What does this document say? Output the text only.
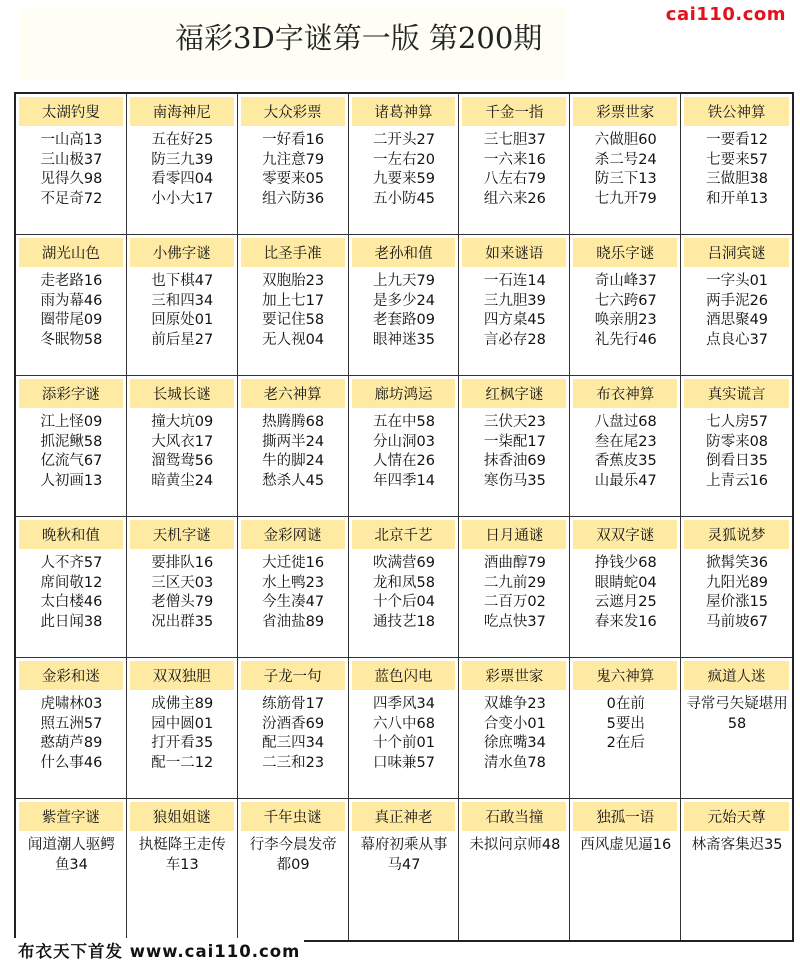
福彩3D字谜第一版 第200期
cai110.com
太湖钓叟
一山高13
三山极37
见得久98
不足奇72
南海神尼
五在好25
防三九39
看零四04
小小大17
大众彩票
一好看16
九注意79
零要来05
组六防36
诸葛神算
二开头27
一左右20
九要来59
五小防45
千金一指
三七胆37
一六来16
八左右79
组六来26
彩票世家
六做胆60
杀二号24
防三下13
七九开79
铁公神算
一要看12
七要来57
三做胆38
和开单13
湖光山色
走老路16
雨为幕46
圈带尾09
冬眠物58
小佛字谜
也下棋47
三和四34
回原处01
前后星27
比圣手准
双胞胎23
加上七17
要记住58
无人视04
老孙和值
上九天79
是多少24
老套路09
眼神迷35
如来谜语
一石连14
三九胆39
四方桌45
言必存28
晓乐字谜
奇山峰37
七六跨67
唤亲朋23
礼先行46
吕洞宾谜
一字头01
两手泥26
酒思聚49
点良心37
添彩字谜
江上怪09
抓泥鳅58
亿流气67
人初画13
长城长谜
撞大坑09
大风衣17
溜鸳鸯56
暗黄尘24
老六神算
热腾腾68
撕两半24
牛的脚24
愁杀人45
廊坊鸿运
五在中58
分山洞03
人情在26
年四季14
红枫字谜
三伏天23
一柒配17
抹香油69
寒伤马35
布衣神算
八盘过68
叁在尾23
香蕉皮35
山最乐47
真实谎言
七人房57
防零来08
倒看日35
上青云16
晚秋和值
人不齐57
席间敬12
太白楼46
此日闻38
天机字谜
要排队16
三区天03
老僧头79
况出群35
金彩网谜
大迁徙16
水上鸭23
今生凑47
省油盐89
北京千艺
吹满营69
龙和凤58
十个后04
通技艺18
日月通谜
酒曲醇79
二九前29
二百万02
吃点快37
双双字谜
挣钱少68
眼睛蛇04
云遮月25
春来发16
灵狐说梦
掀髯笑36
九阳光89
屋价涨15
马前坡67
金彩和迷
虎啸林03
照五洲57
憨葫芦89
什么事46
双双独胆
成佛主89
园中圆01
打开看35
配一二12
子龙一句
练筋骨17
汾酒香69
配三四34
二三和23
蓝色闪电
四季风34
六八中68
十个前01
口味兼57
彩票世家
双雄争23
合变小01
徐庶嘴34
清水鱼78
鬼六神算
0在前
5要出
2在后
疯道人迷
寻常弓矢疑堪用58
紫萱字谜
闻道潮人驱鳄鱼34
狼姐姐谜
执梃降王走传车13
千年虫谜
行李今晨发帝都09
真正神老
幕府初乘从事马47
石敢当撞
未拟问京师48
独孤一语
西风虚见逼16
元始天尊
林斋客集迟35
布衣天下首发 www.cai110.com
